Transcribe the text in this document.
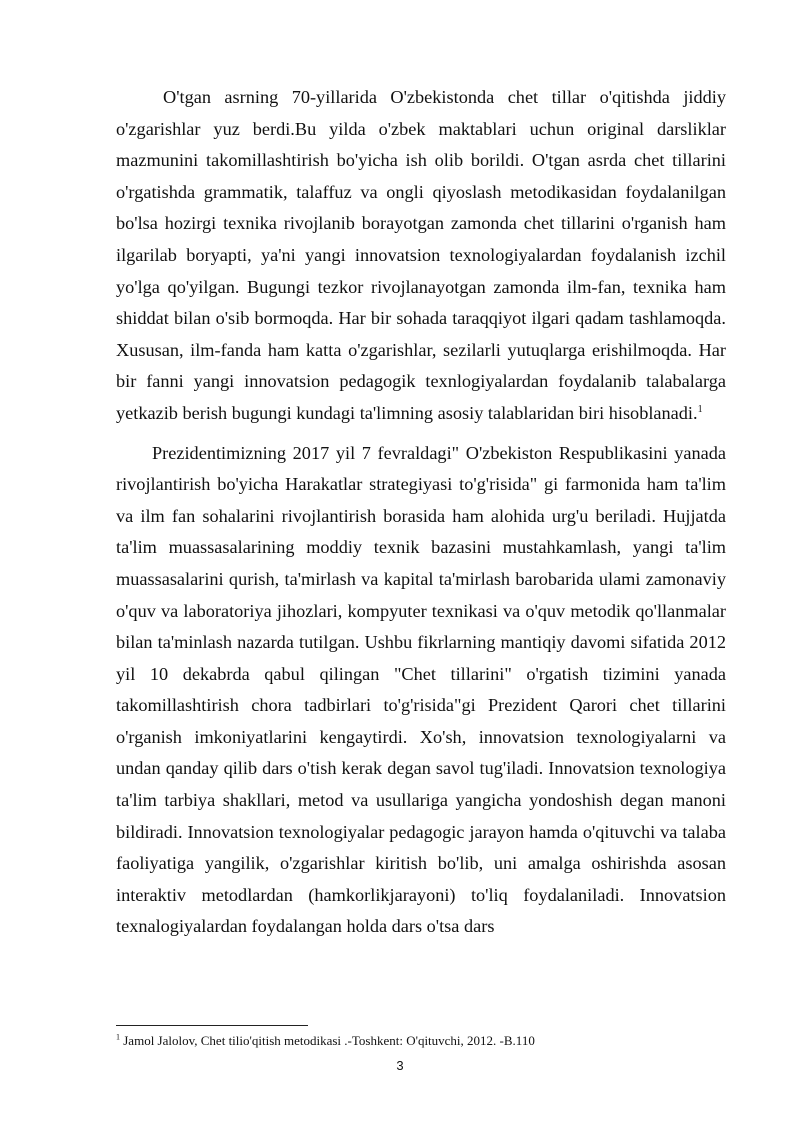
O'tgan asrning 70-yillarida O'zbekistonda chet tillar o'qitishda jiddiy o'zgarishlar yuz berdi.Bu yilda o'zbek maktablari uchun original darsliklar mazmunini takomillashtirish bo'yicha ish olib borildi. O'tgan asrda chet tillarini o'rgatishda grammatik, talaffuz va ongli qiyoslash metodikasidan foydalanilgan bo'lsa hozirgi texnika rivojlanib borayotgan zamonda chet tillarini o'rganish ham ilgarilab boryapti, ya'ni yangi innovatsion texnologiyalardan foydalanish izchil yo'lga qo'yilgan. Bugungi tezkor rivojlanayotgan zamonda ilm-fan, texnika ham shiddat bilan o'sib bormoqda. Har bir sohada taraqqiyot ilgari qadam tashlamoqda. Xususan, ilm-fanda ham katta o'zgarishlar, sezilarli yutuqlarga erishilmoqda. Har bir fanni yangi innovatsion pedagogik texnlogiyalardan foydalanib talabalarga yetkazib berish bugungi kundagi ta'limning asosiy talablaridan biri hisoblanadi.$^1$

Prezidentimizning 2017 yil 7 fevraldagi" O'zbekiston Respublikasini yanada rivojlantirish bo'yicha Harakatlar strategiyasi to'g'risida" gi farmonida ham ta'lim va ilm fan sohalarini rivojlantirish borasida ham alohida urg'u beriladi. Hujjatda ta'lim muassasalarining moddiy texnik bazasini mustahkamlash, yangi ta'lim muassasalarini qurish, ta'mirlash va kapital ta'mirlash barobarida ulami zamonaviy o'quv va laboratoriya jihozlari, kompyuter texnikasi va o'quv metodik qo'llanmalar bilan ta'minlash nazarda tutilgan. Ushbu fikrlarning mantiqiy davomi sifatida 2012 yil 10 dekabrda qabul qilingan "Chet tillarini" o'rgatish tizimini yanada takomillashtirish chora tadbirlari to'g'risida"gi Prezident Qarori chet tillarini o'rganish imkoniyatlarini kengaytirdi. Xo'sh, innovatsion texnologiyalarni va undan qanday qilib dars o'tish kerak degan savol tug'iladi. Innovatsion texnologiya ta'lim tarbiya shakllari, metod va usullariga yangicha yondoshish degan manoni bildiradi. Innovatsion texnologiyalar pedagogic jarayon hamda o'qituvchi va talaba faoliyatiga yangilik, o'zgarishlar kiritish bo'lib, uni amalga oshirishda asosan interaktiv metodlardan (hamkorlikjarayoni) to'liq foydalaniladi. Innovatsion texnalogiyalardan foydalangan holda dars o'tsa dars

$^1$ Jamol Jalolov, Chet tilio'qitish metodikasi .-Toshkent: O'qituvchi, 2012. -B.110
3
